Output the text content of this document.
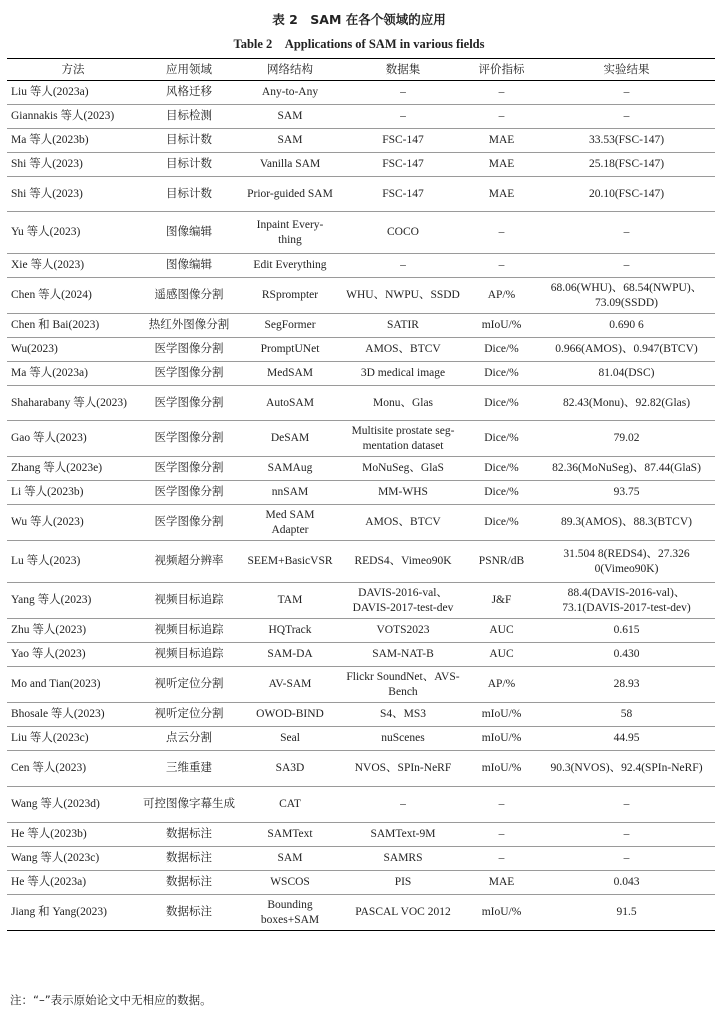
表 2　SAM 在各个领域的应用
Table 2　Applications of SAM in various fields
方法	应用领域	网络结构	数据集	评价指标	实验结果
Liu 等人(2023a)	风格迁移	Any-to-Any	–	–	–
Giannakis 等人(2023)	目标检测	SAM	–	–	–
Ma 等人(2023b)	目标计数	SAM	FSC-147	MAE	33.53(FSC-147)
Shi 等人(2023)	目标计数	Vanilla SAM	FSC-147	MAE	25.18(FSC-147)
Shi 等人(2023)	目标计数	Prior-guided SAM	FSC-147	MAE	20.10(FSC-147)
Yu 等人(2023)	图像编辑	Inpaint Every-thing	COCO	–	–
Xie 等人(2023)	图像编辑	Edit Everything	–	–	–
Chen 等人(2024)	遥感图像分割	RSprompter	WHU、NWPU、SSDD	AP/%	68.06(WHU)、68.54(NWPU)、73.09(SSDD)
Chen 和 Bai(2023)	热红外图像分割	SegFormer	SATIR	mIoU/%	0.690 6
Wu(2023)	医学图像分割	PromptUNet	AMOS、BTCV	Dice/%	0.966(AMOS)、0.947(BTCV)
Ma 等人(2023a)	医学图像分割	MedSAM	3D medical image	Dice/%	81.04(DSC)
Shaharabany 等人(2023)	医学图像分割	AutoSAM	Monu、Glas	Dice/%	82.43(Monu)、92.82(Glas)
Gao 等人(2023)	医学图像分割	DeSAM	Multisite prostate seg-mentation dataset	Dice/%	79.02
Zhang 等人(2023e)	医学图像分割	SAMAug	MoNuSeg、GlaS	Dice/%	82.36(MoNuSeg)、87.44(GlaS)
Li 等人(2023b)	医学图像分割	nnSAM	MM-WHS	Dice/%	93.75
Wu 等人(2023)	医学图像分割	Med SAM Adapter	AMOS、BTCV	Dice/%	89.3(AMOS)、88.3(BTCV)
Lu 等人(2023)	视频超分辨率	SEEM+BasicVSR	REDS4、Vimeo90K	PSNR/dB	31.504 8(REDS4)、27.326 0(Vimeo90K)
Yang 等人(2023)	视频目标追踪	TAM	DAVIS-2016-val、DAVIS-2017-test-dev	J&F	88.4(DAVIS-2016-val)、73.1(DAVIS-2017-test-dev)
Zhu 等人(2023)	视频目标追踪	HQTrack	VOTS2023	AUC	0.615
Yao 等人(2023)	视频目标追踪	SAM-DA	SAM-NAT-B	AUC	0.430
Mo and Tian(2023)	视听定位分割	AV-SAM	Flickr SoundNet、AVS-Bench	AP/%	28.93
Bhosale 等人(2023)	视听定位分割	OWOD-BIND	S4、MS3	mIoU/%	58
Liu 等人(2023c)	点云分割	Seal	nuScenes	mIoU/%	44.95
Cen 等人(2023)	三维重建	SA3D	NVOS、SPIn-NeRF	mIoU/%	90.3(NVOS)、92.4(SPIn-NeRF)
Wang 等人(2023d)	可控图像字幕生成	CAT	–	–	–
He 等人(2023b)	数据标注	SAMText	SAMText-9M	–	–
Wang 等人(2023c)	数据标注	SAM	SAMRS	–	–
He 等人(2023a)	数据标注	WSCOS	PIS	MAE	0.043
Jiang 和 Yang(2023)	数据标注	Bounding boxes+SAM	PASCAL VOC 2012	mIoU/%	91.5
注：“–”表示原始论文中无相应的数据。
